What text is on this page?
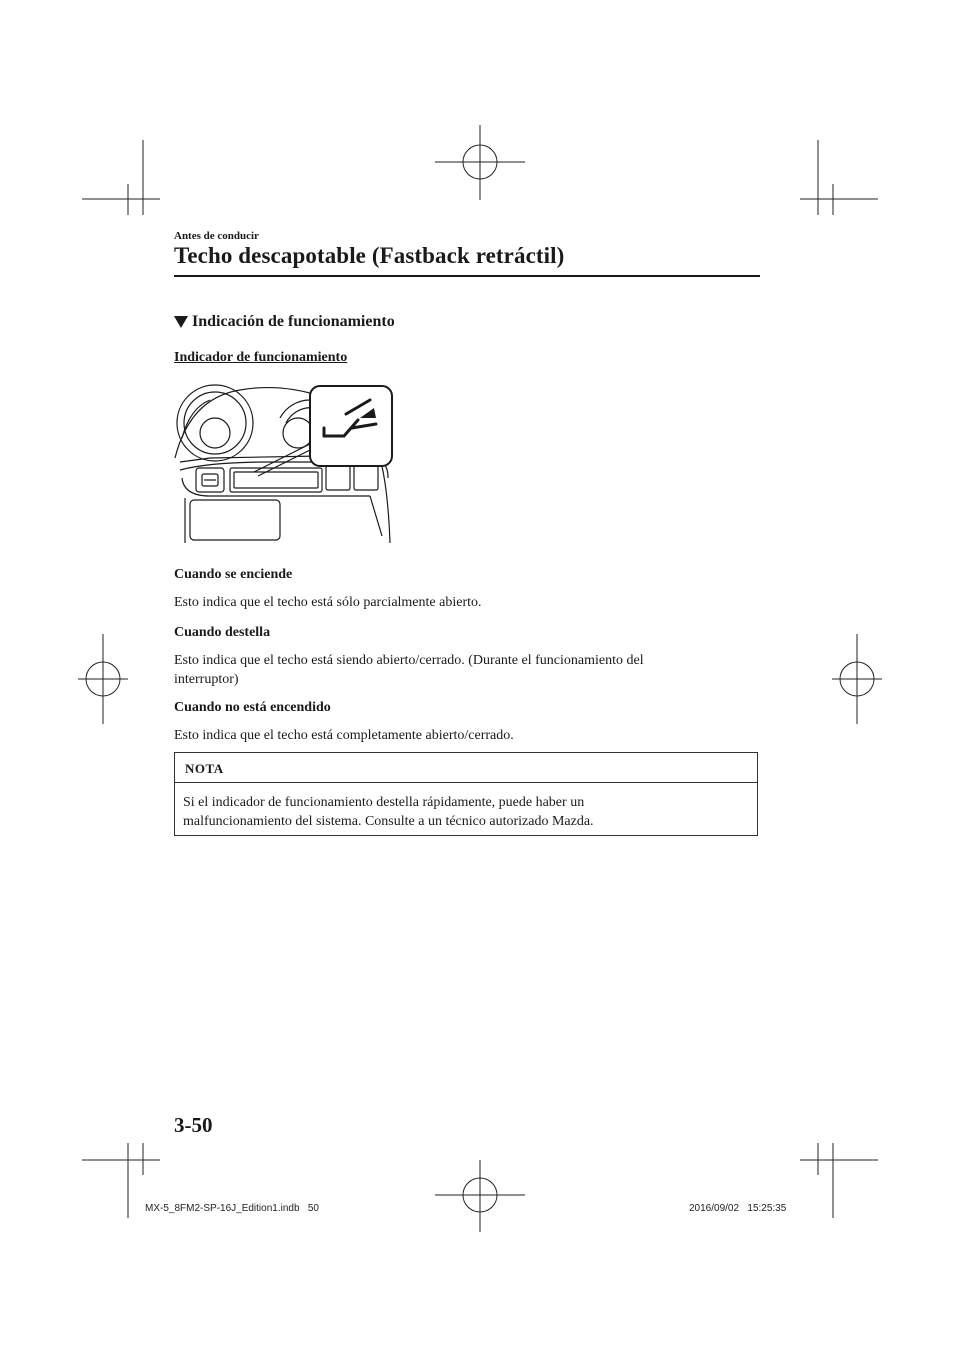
Antes de conducir
Techo descapotable (Fastback retráctil)
Indicación de funcionamiento
Indicador de funcionamiento
Cuando se enciende
Esto indica que el techo está sólo parcialmente abierto.
Cuando destella
Esto indica que el techo está siendo abierto/cerrado. (Durante el funcionamiento del
interruptor)
Cuando no está encendido
Esto indica que el techo está completamente abierto/cerrado.
NOTA
Si el indicador de funcionamiento destella rápidamente, puede haber un
malfuncionamiento del sistema. Consulte a un técnico autorizado Mazda.
3-50
MX-5_8FM2-SP-16J_Edition1.indb   50	2016/09/02   15:25:35
